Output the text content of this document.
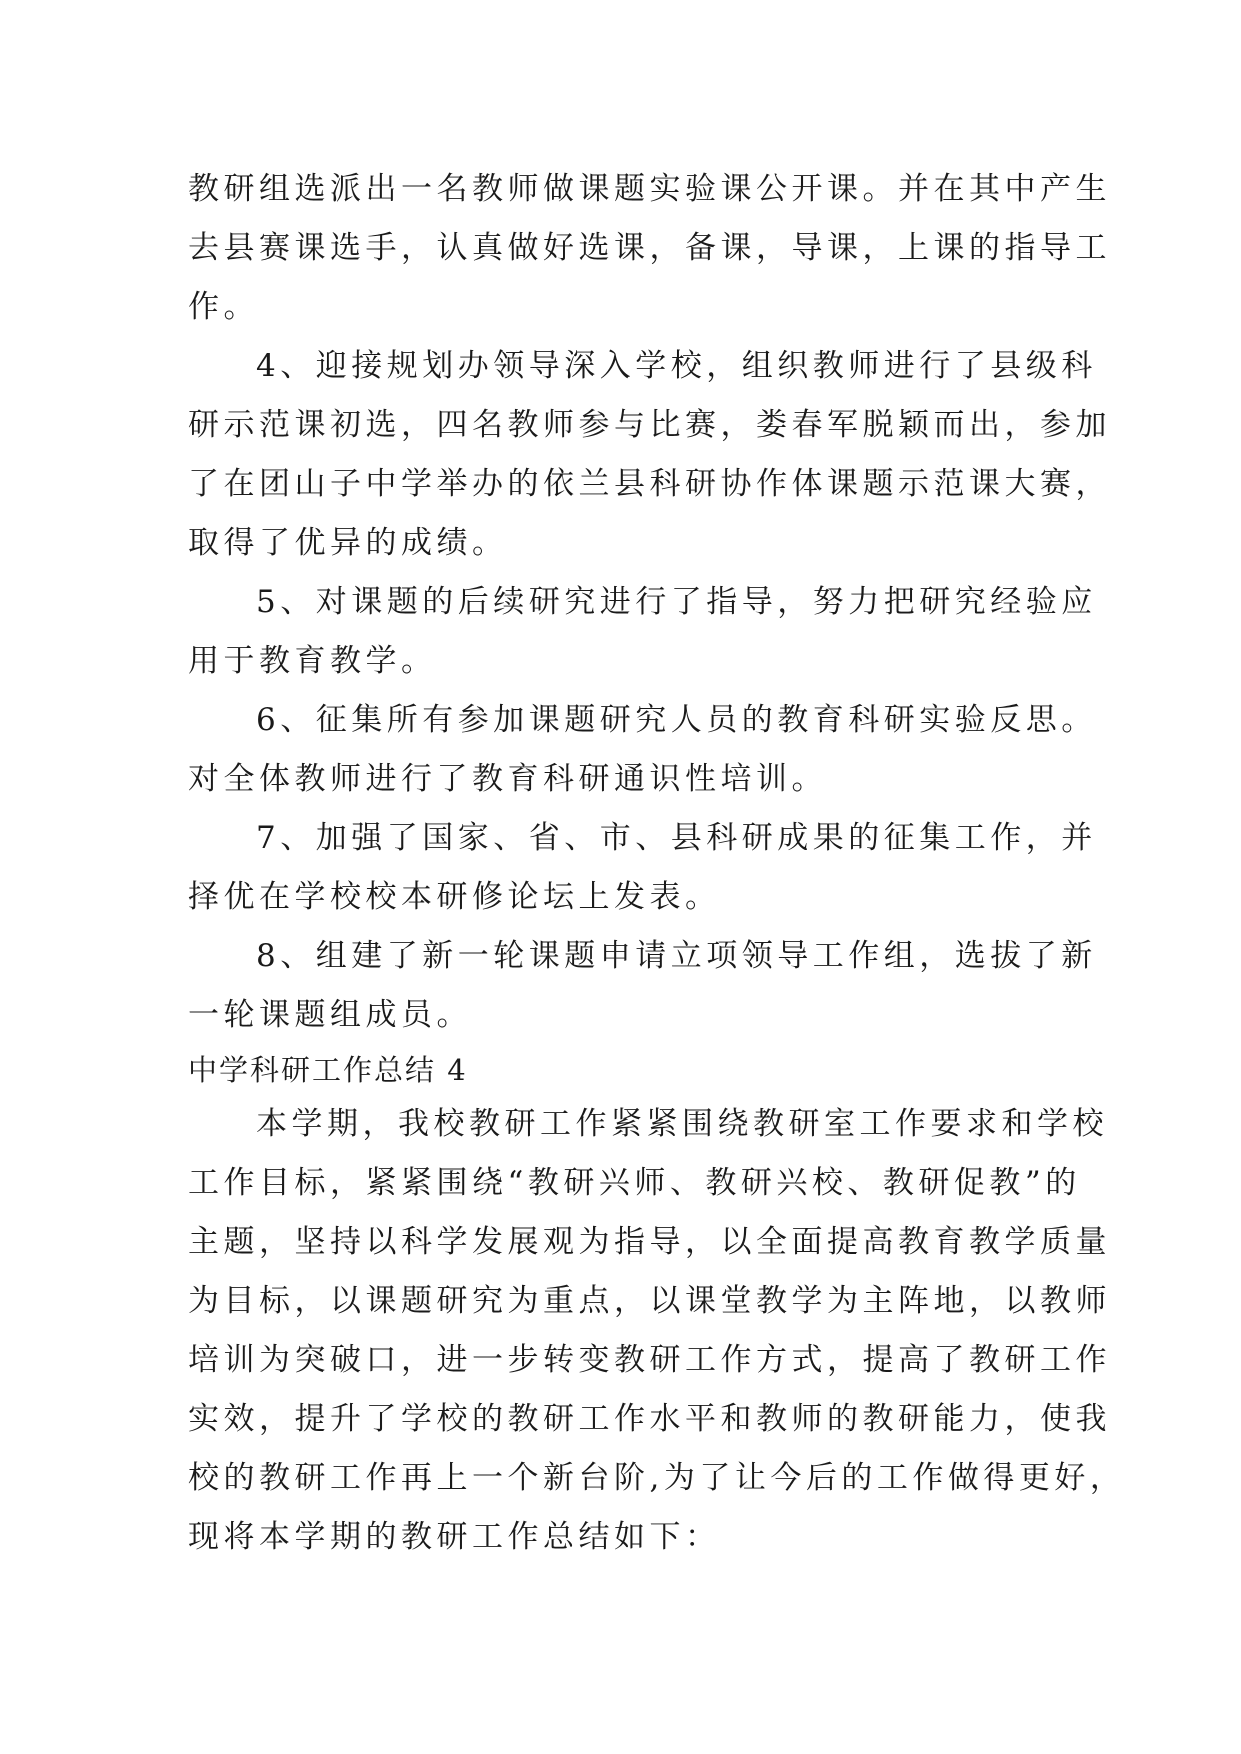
教研组选派出一名教师做课题实验课公开课。并在其中产生
去县赛课选手，认真做好选课，备课，导课，上课的指导工
作。
4、迎接规划办领导深入学校，组织教师进行了县级科
研示范课初选，四名教师参与比赛，娄春军脱颖而出，参加
了在团山子中学举办的依兰县科研协作体课题示范课大赛，
取得了优异的成绩。
5、对课题的后续研究进行了指导，努力把研究经验应
用于教育教学。
6、征集所有参加课题研究人员的教育科研实验反思。
对全体教师进行了教育科研通识性培训。
7、加强了国家、省、市、县科研成果的征集工作，并
择优在学校校本研修论坛上发表。
8、组建了新一轮课题申请立项领导工作组，选拔了新
一轮课题组成员。
中学科研工作总结 4
本学期，我校教研工作紧紧围绕教研室工作要求和学校
工作目标，紧紧围绕“教研兴师、教研兴校、教研促教”的
主题，坚持以科学发展观为指导，以全面提高教育教学质量
为目标，以课题研究为重点，以课堂教学为主阵地，以教师
培训为突破口，进一步转变教研工作方式，提高了教研工作
实效，提升了学校的教研工作水平和教师的教研能力，使我
校的教研工作再上一个新台阶,为了让今后的工作做得更好，
现将本学期的教研工作总结如下：
